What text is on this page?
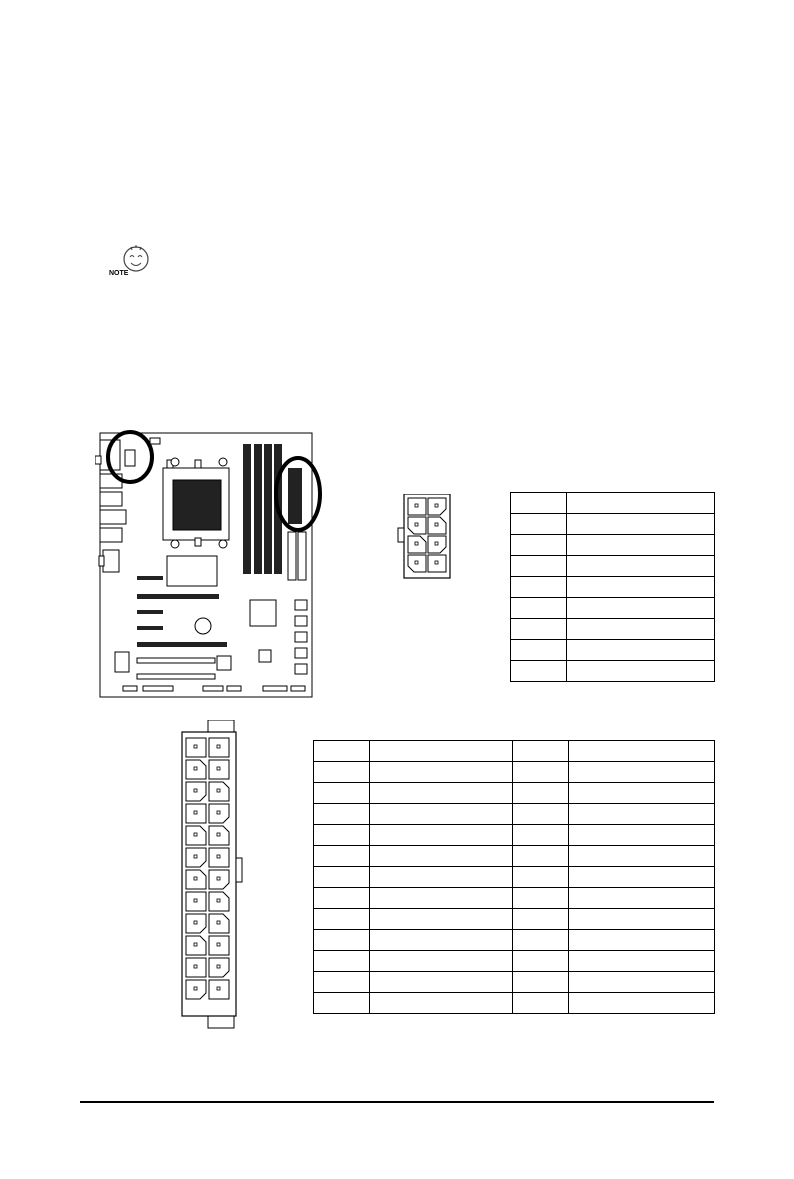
NOTE
